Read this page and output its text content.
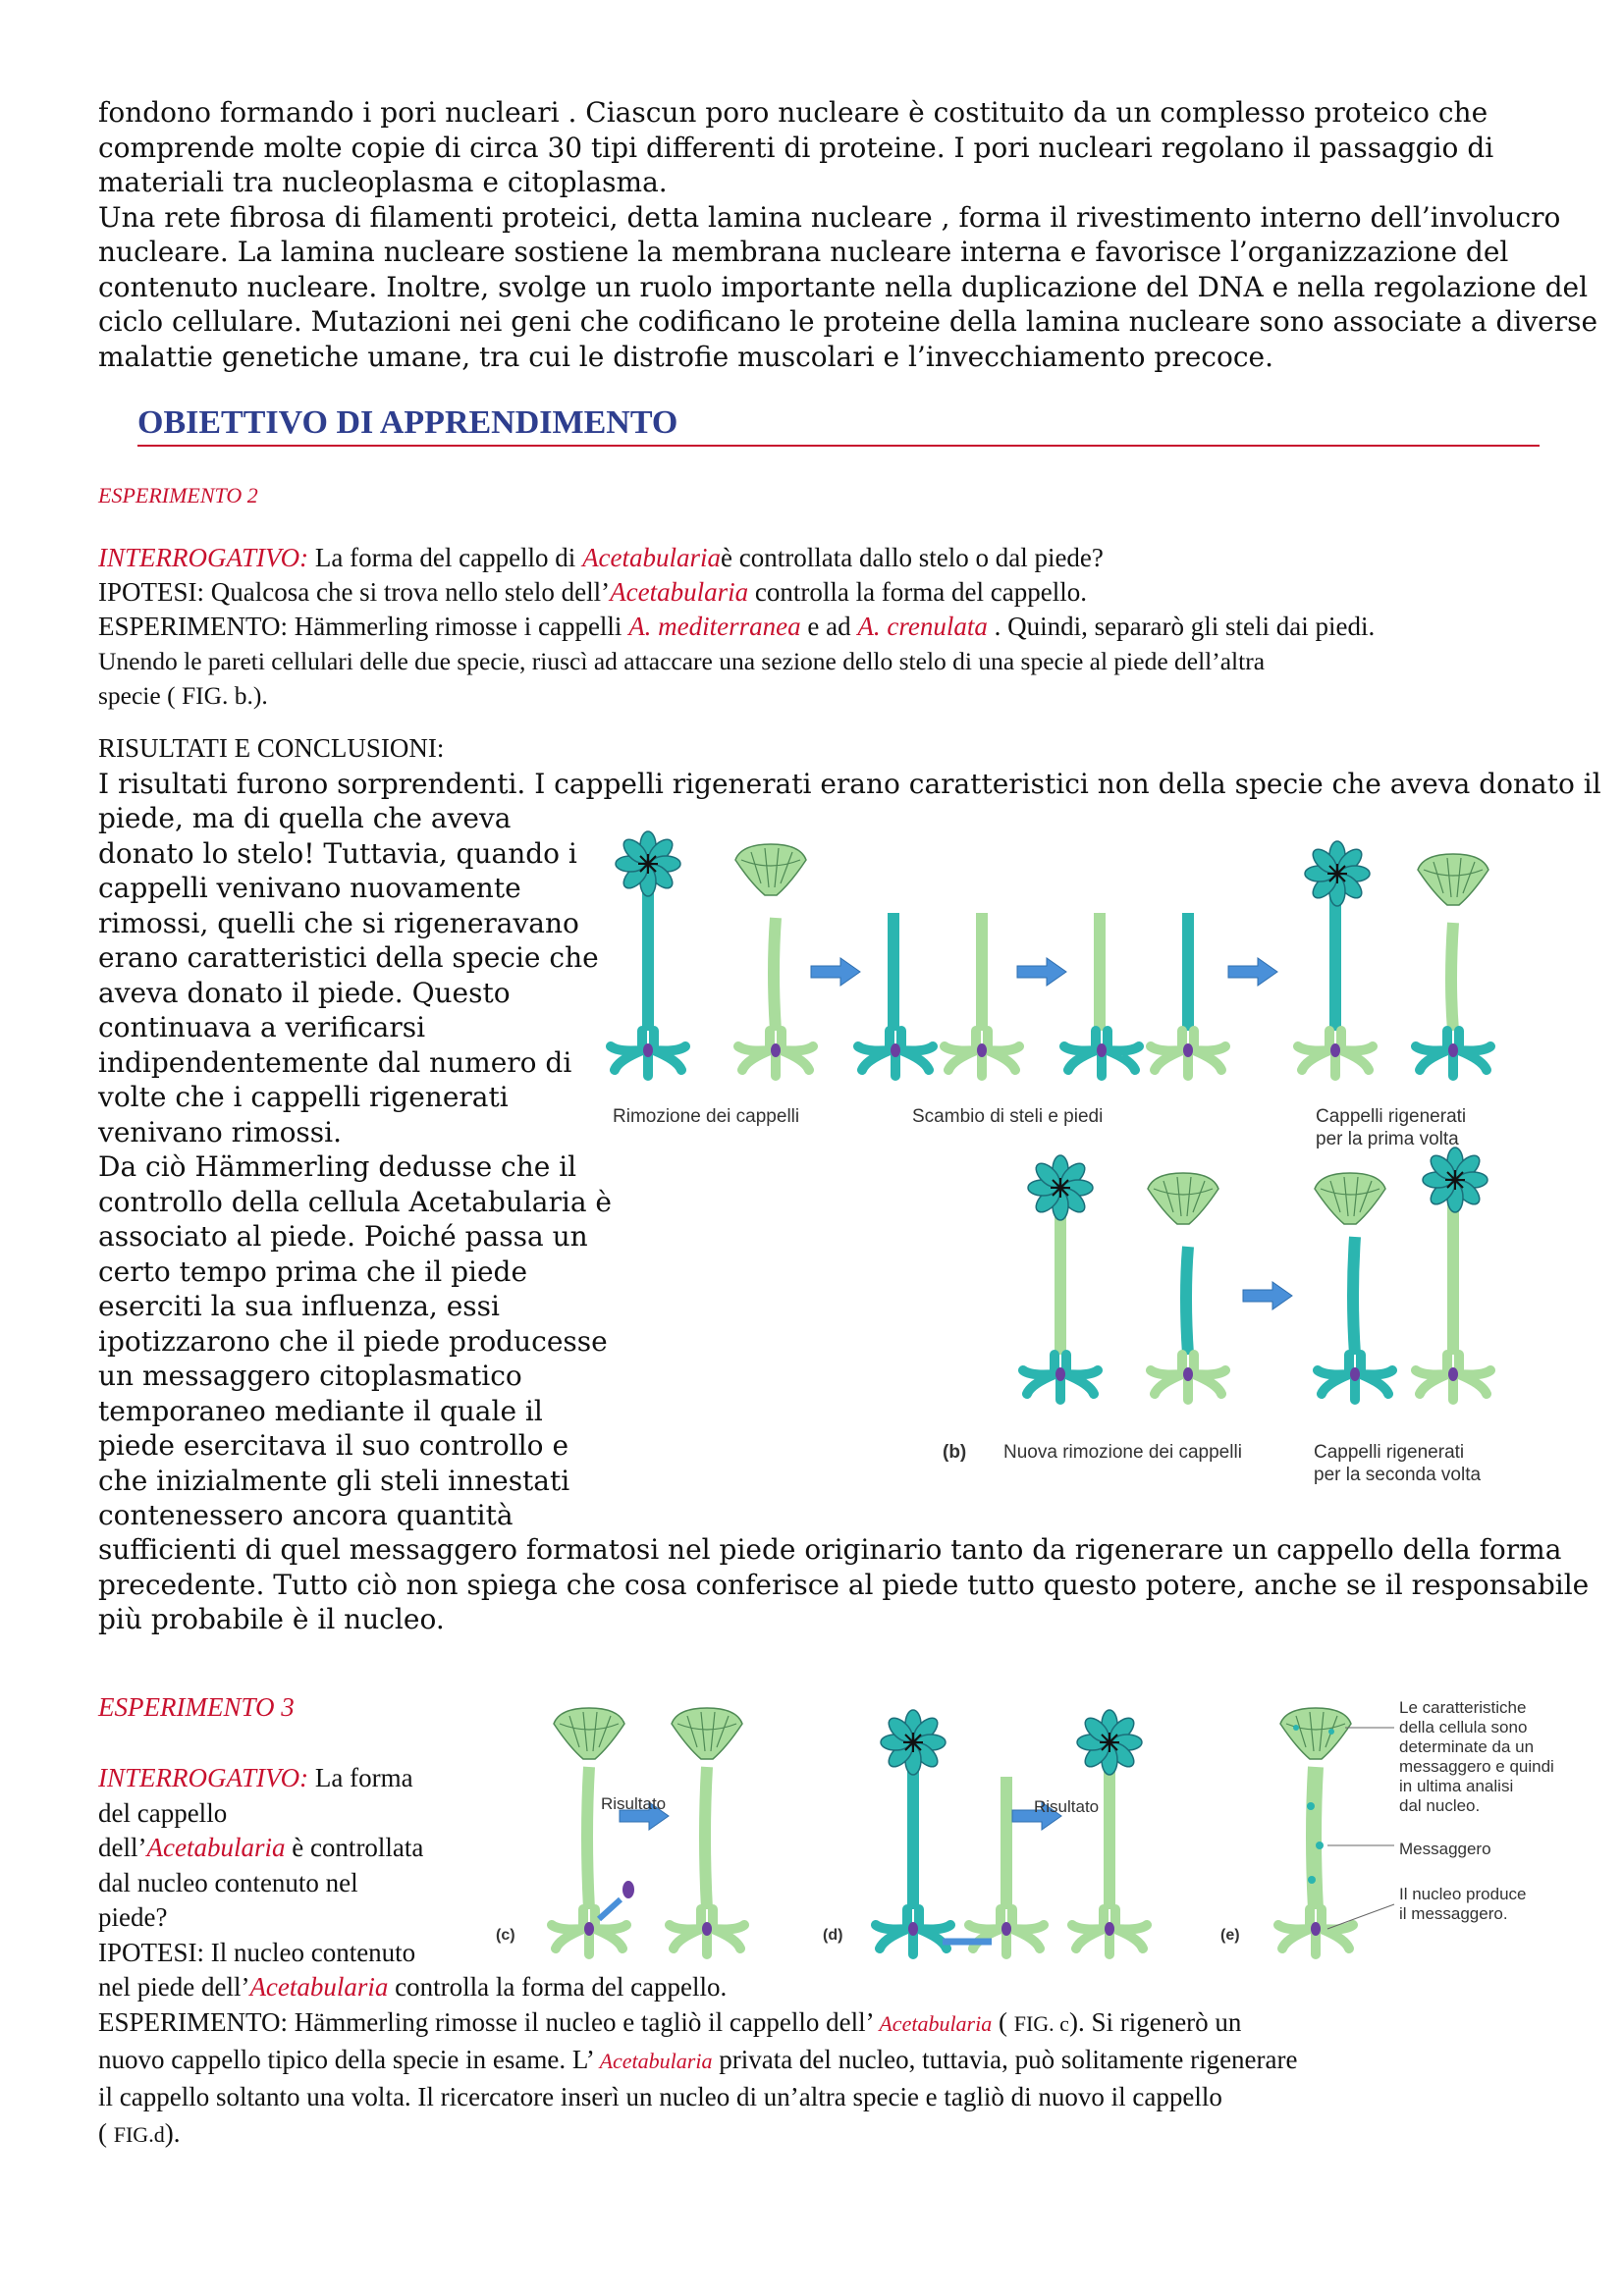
fondono formando i pori nucleari . Ciascun poro nucleare è costituito da un complesso proteico che
comprende molte copie di circa 30 tipi differenti di proteine. I pori nucleari regolano il passaggio di
materiali tra nucleoplasma e citoplasma.
Una rete fibrosa di filamenti proteici, detta lamina nucleare , forma il rivestimento interno dell’involucro
nucleare. La lamina nucleare sostiene la membrana nucleare interna e favorisce l’organizzazione del
contenuto nucleare. Inoltre, svolge un ruolo importante nella duplicazione del DNA e nella regolazione del
ciclo cellulare. Mutazioni nei geni che codificano le proteine della lamina nucleare sono associate a diverse
malattie genetiche umane, tra cui le distrofie muscolari e l’invecchiamento precoce.
OBIETTIVO DI APPRENDIMENTO
ESPERIMENTO 2
INTERROGATIVO: La forma del cappello di Acetabulariaè controllata dallo stelo o dal piede?
IPOTESI: Qualcosa che si trova nello stelo dell’Acetabularia controlla la forma del cappello.
ESPERIMENTO: Hämmerling rimosse i cappelli A. mediterranea e ad A. crenulata . Quindi, separarò gli steli dai piedi.
Unendo le pareti cellulari delle due specie, riuscì ad attaccare una sezione dello stelo di una specie al piede dell’altra
specie ( FIG. b.).
RISULTATI E CONCLUSIONI:
I risultati furono sorprendenti. I cappelli rigenerati erano caratteristici non della specie che aveva donato il
piede, ma di quella che aveva
donato lo stelo! Tuttavia, quando i
cappelli venivano nuovamente
rimossi, quelli che si rigeneravano
erano caratteristici della specie che
aveva donato il piede. Questo
continuava a verificarsi
indipendentemente dal numero di
volte che i cappelli rigenerati
venivano rimossi.
Da ciò Hämmerling dedusse che il
controllo della cellula Acetabularia è
associato al piede. Poiché passa un
certo tempo prima che il piede
eserciti la sua influenza, essi
ipotizzarono che il piede producesse
un messaggero citoplasmatico
temporaneo mediante il quale il
piede esercitava il suo controllo e
che inizialmente gli steli innestati
contenessero ancora quantità
sufficienti di quel messaggero formatosi nel piede originario tanto da rigenerare un cappello della forma
precedente. Tutto ciò non spiega che cosa conferisce al piede tutto questo potere, anche se il responsabile
più probabile è il nucleo.
Rimozione dei cappelli	Scambio di steli e piedi	Cappelli rigenerati
per la prima volta
(b) Nuova rimozione dei cappelli	Cappelli rigenerati
per la seconda volta
ESPERIMENTO 3
INTERROGATIVO: La forma
del cappello
dell’Acetabularia è controllata
dal nucleo contenuto nel
piede?
IPOTESI: Il nucleo contenuto
nel piede dell’Acetabularia controlla la forma del cappello.
ESPERIMENTO: Hämmerling rimosse il nucleo e tagliò il cappello dell’ Acetabularia ( FIG. c). Si rigenerò un
nuovo cappello tipico della specie in esame. L’ Acetabularia privata del nucleo, tuttavia, può solitamente rigenerare
il cappello soltanto una volta. Il ricercatore inserì un nucleo di un’altra specie e tagliò di nuovo il cappello
( FIG.d).
Risultato	Risultato
(c)	(d)	(e)
Le caratteristiche
della cellula sono
determinate da un
messaggero e quindi
in ultima analisi
dal nucleo.
Messaggero
Il nucleo produce
il messaggero.
